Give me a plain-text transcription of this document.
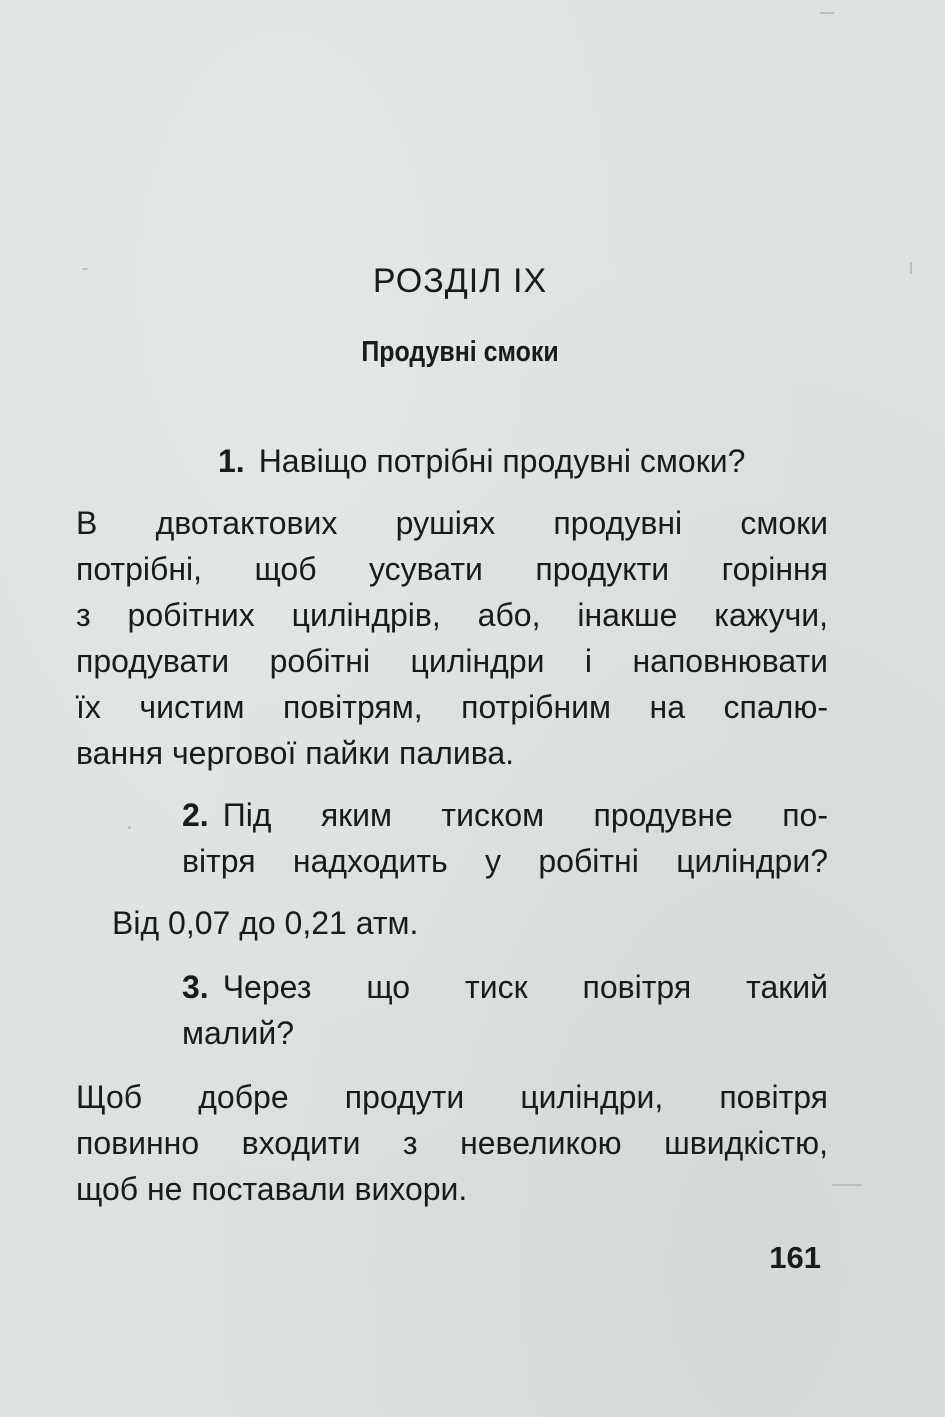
РОЗДІЛ IX
Продувні смоки
1. Навіщо потрібні продувні смоки?
В двотактових рушіях продувні смоки
потрібні, щоб усувати продукти горіння
з робітних циліндрів, або, інакше кажучи,
продувати робітні циліндри і наповнювати
їх чистим повітрям, потрібним на спалю-
вання чергової пайки палива.
2. Під яким тиском продувне по-
вітря надходить у робітні циліндри?
Від 0,07 до 0,21 атм.
3. Через що тиск повітря такий
малий?
Щоб добре продути циліндри, повітря
повинно входити з невеликою швидкістю,
щоб не поставали вихори.
161
